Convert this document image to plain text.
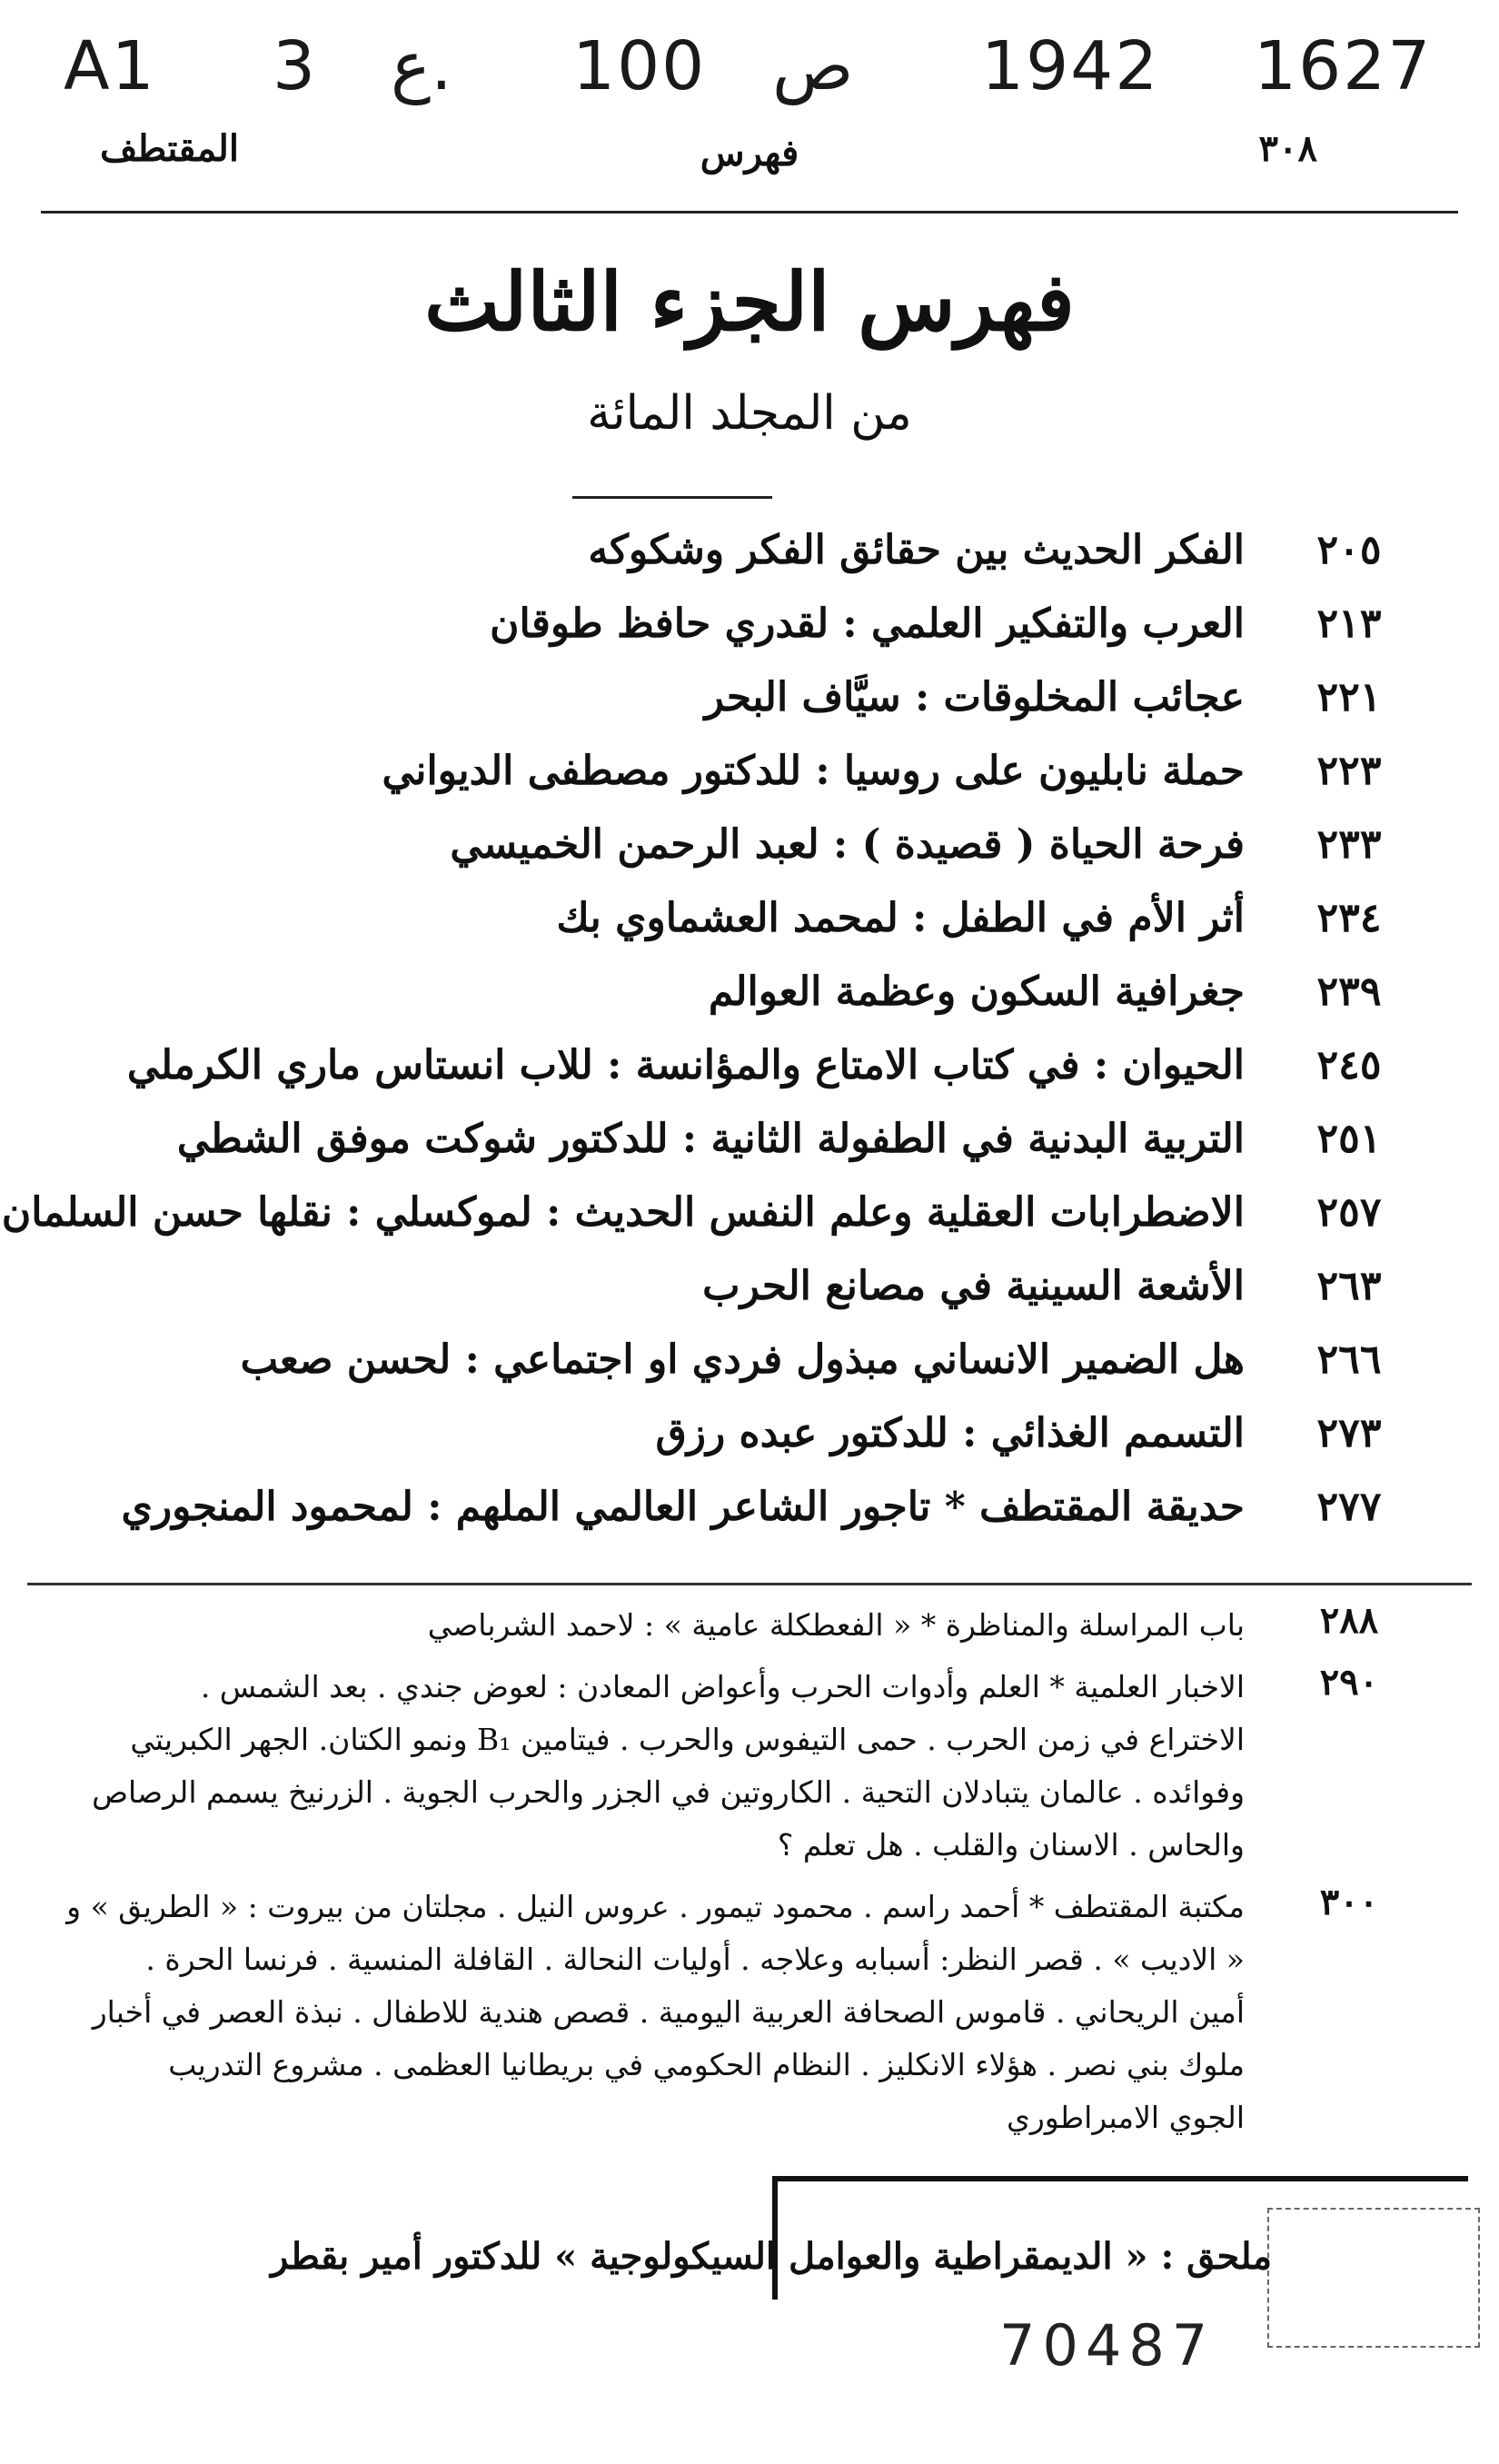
A1 3 ع. 100 ص 1942 1627
٣٠٨
فهرس
المقتطف
فهرس الجزء الثالث
من المجلد المائة
٢٠٥
الفكر الحديث بين حقائق الفكر وشكوكه
٢١٣
العرب والتفكير العلمي : لقدري حافظ طوقان
٢٢١
عجائب المخلوقات : سيَّاف البحر
٢٢٣
حملة نابليون على روسيا : للدكتور مصطفى الديواني
٢٣٣
فرحة الحياة ( قصيدة ) : لعبد الرحمن الخميسي
٢٣٤
أثر الأم في الطفل : لمحمد العشماوي بك
٢٣٩
جغرافية السكون وعظمة العوالم
٢٤٥
الحيوان : في كتاب الامتاع والمؤانسة : للاب انستاس ماري الكرملي
٢٥١
التربية البدنية في الطفولة الثانية : للدكتور شوكت موفق الشطي
٢٥٧
الاضطرابات العقلية وعلم النفس الحديث : لموكسلي : نقلها حسن السلمان
٢٦٣
الأشعة السينية في مصانع الحرب
٢٦٦
هل الضمير الانساني مبذول فردي او اجتماعي : لحسن صعب
٢٧٣
التسمم الغذائي : للدكتور عبده رزق
٢٧٧
حديقة المقتطف * تاجور الشاعر العالمي الملهم : لمحمود المنجوري
٢٨٨
باب المراسلة والمناظرة * « الفعطكلة عامية » : لاحمد الشرباصي
٢٩٠
الاخبار العلمية * العلم وأدوات الحرب وأعواض المعادن : لعوض جندي . بعد الشمس .
الاختراع في زمن الحرب . حمى التيفوس والحرب . فيتامين B₁ ونمو الكتان. الجهر الكبريتي
وفوائده . عالمان يتبادلان التحية . الكاروتين في الجزر والحرب الجوية . الزرنيخ يسمم الرصاص
والحاس . الاسنان والقلب . هل تعلم ؟
٣٠٠
مكتبة المقتطف * أحمد راسم . محمود تيمور . عروس النيل . مجلتان من بيروت : « الطريق » و
« الاديب » . قصر النظر: أسبابه وعلاجه . أوليات النحالة . القافلة المنسية . فرنسا الحرة .
أمين الريحاني . قاموس الصحافة العربية اليومية . قصص هندية للاطفال . نبذة العصر في أخبار
ملوك بني نصر . هؤلاء الانكليز . النظام الحكومي في بريطانيا العظمى . مشروع التدريب
الجوي الامبراطوري
ملحق : « الديمقراطية والعوامل السيكولوجية » للدكتور أمير بقطر
70487
